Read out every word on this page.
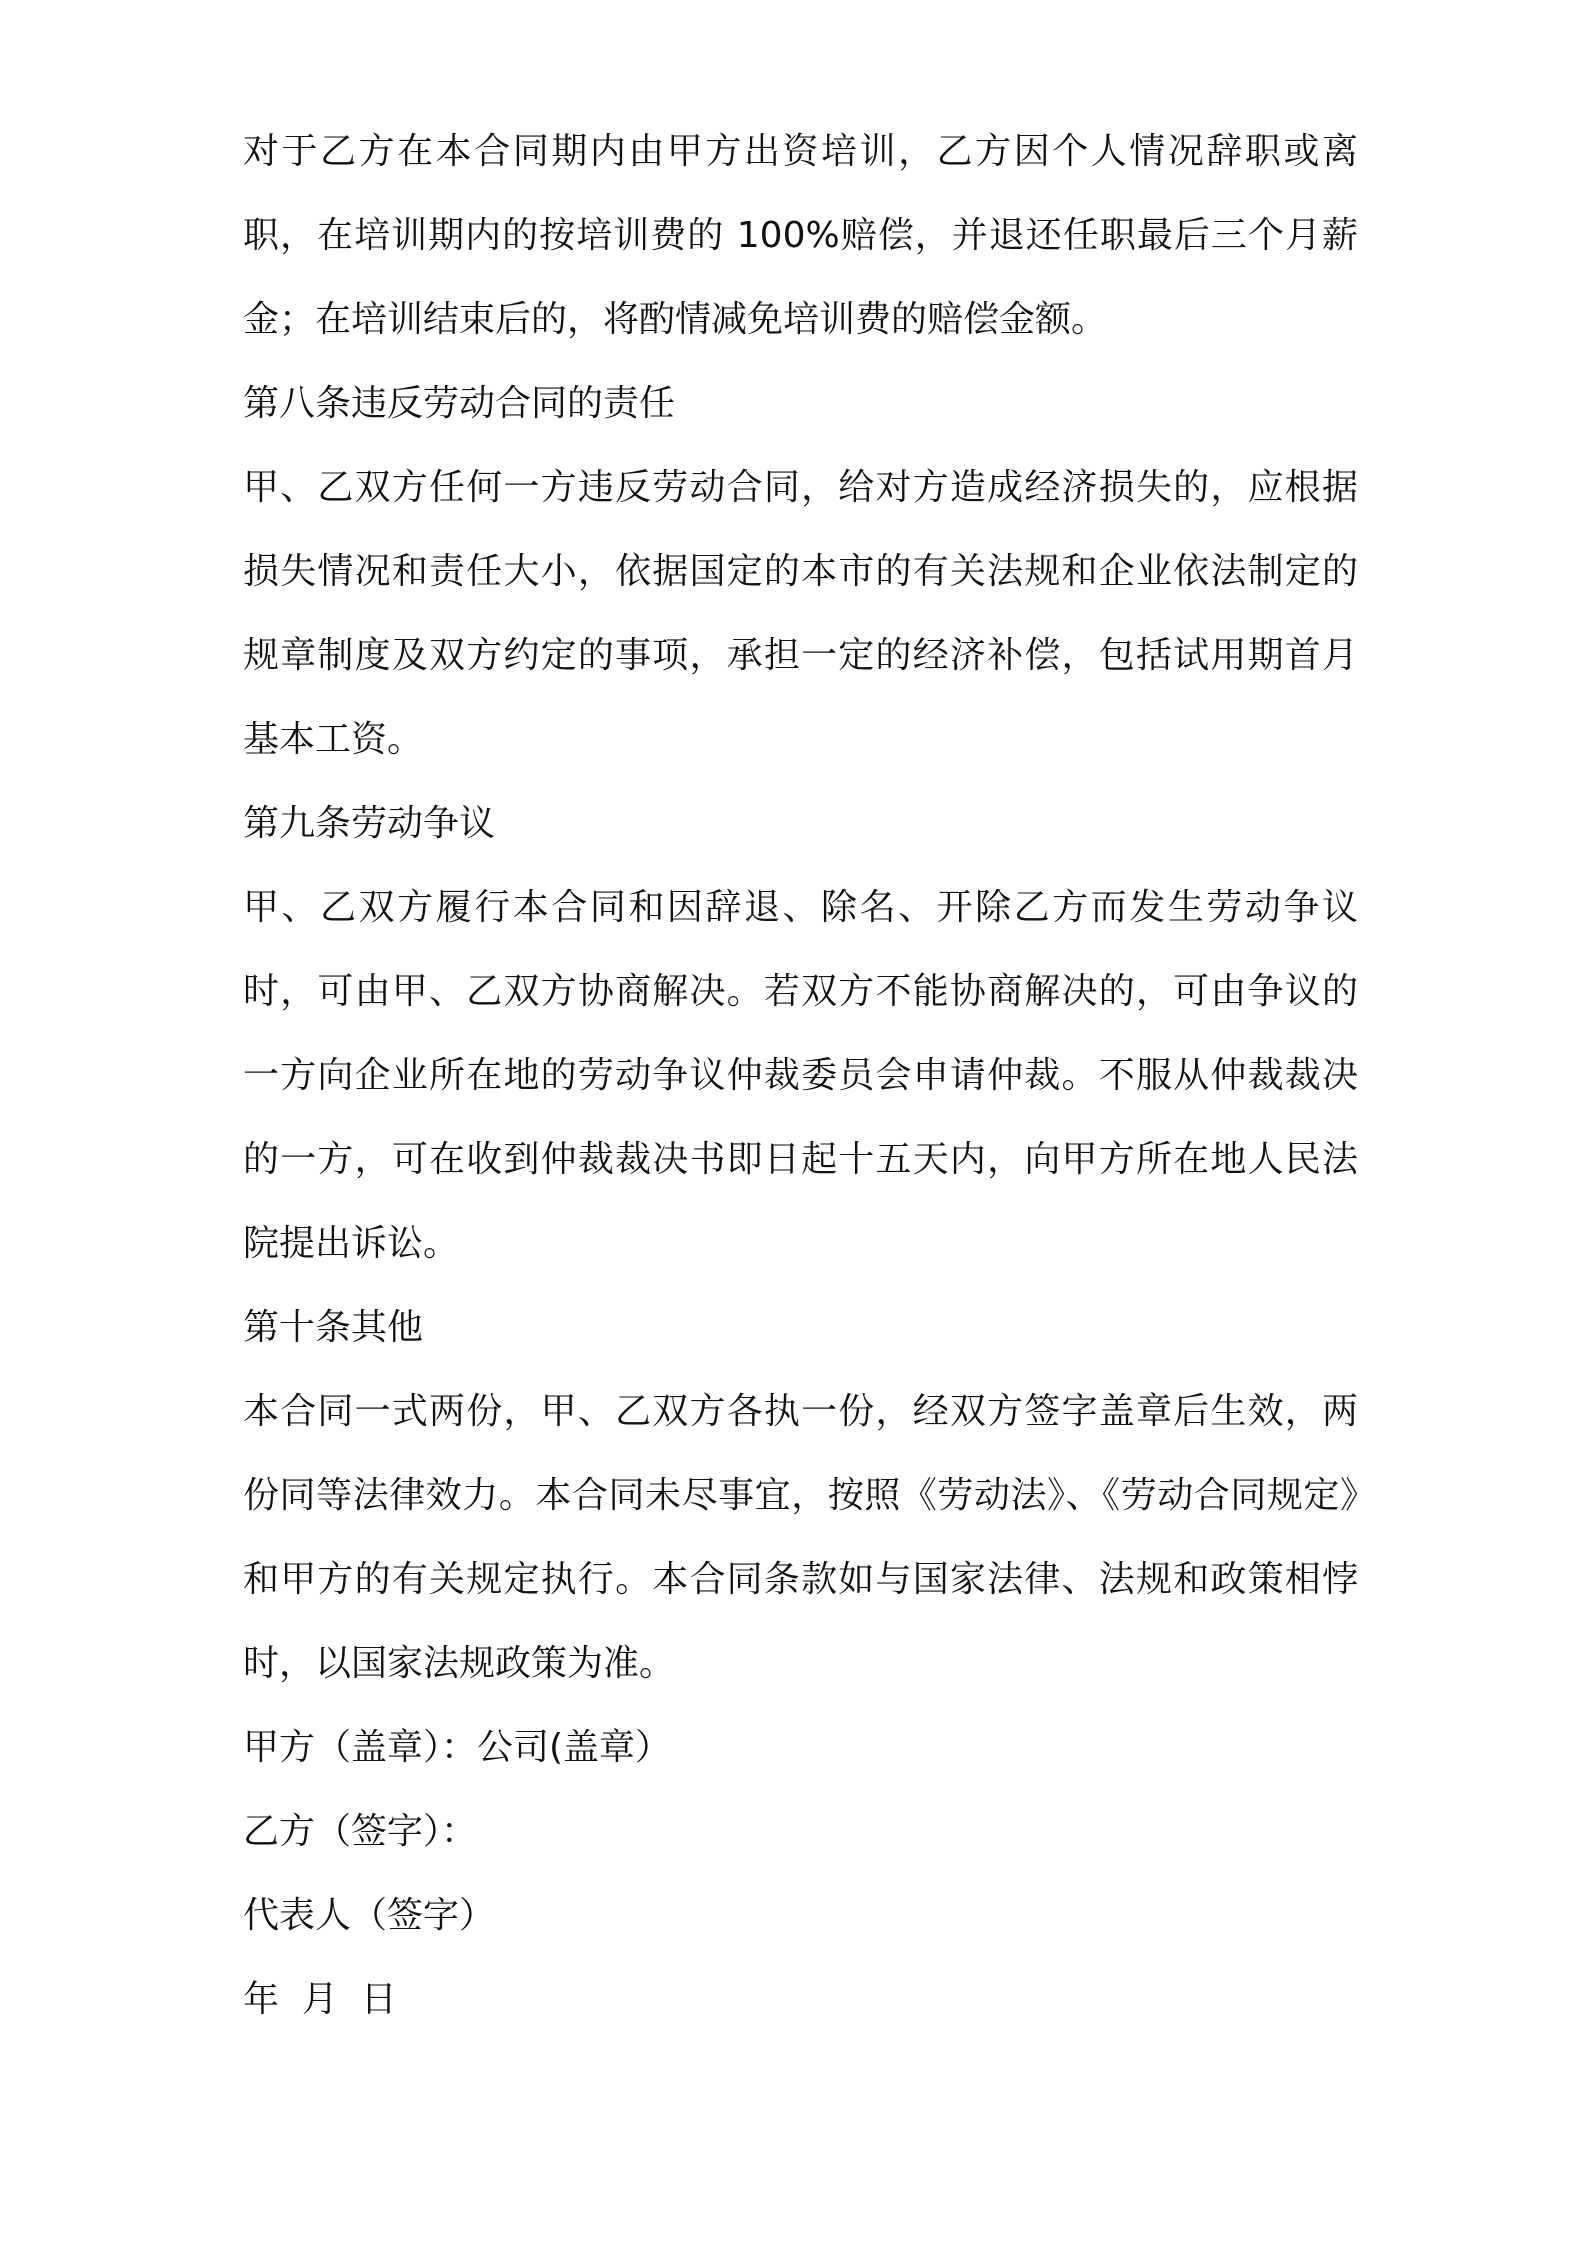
对于乙方在本合同期内由甲方出资培训，乙方因个人情况辞职或离职，在培训期内的按培训费的 100%赔偿，并退还任职最后三个月薪金；在培训结束后的，将酌情减免培训费的赔偿金额。

第八条违反劳动合同的责任

甲、乙双方任何一方违反劳动合同，给对方造成经济损失的，应根据损失情况和责任大小，依据国定的本市的有关法规和企业依法制定的规章制度及双方约定的事项，承担一定的经济补偿，包括试用期首月基本工资。

第九条劳动争议

甲、乙双方履行本合同和因辞退、除名、开除乙方而发生劳动争议时，可由甲、乙双方协商解决。若双方不能协商解决的，可由争议的一方向企业所在地的劳动争议仲裁委员会申请仲裁。不服从仲裁裁决的一方，可在收到仲裁裁决书即日起十五天内，向甲方所在地人民法院提出诉讼。

第十条其他

本合同一式两份，甲、乙双方各执一份，经双方签字盖章后生效，两份同等法律效力。本合同未尽事宜，按照《劳动法》、《劳动合同规定》和甲方的有关规定执行。本合同条款如与国家法律、法规和政策相悖时，以国家法规政策为准。

甲方（盖章）：公司(盖章）

乙方（签字）：

代表人（签字）

年  月  日
